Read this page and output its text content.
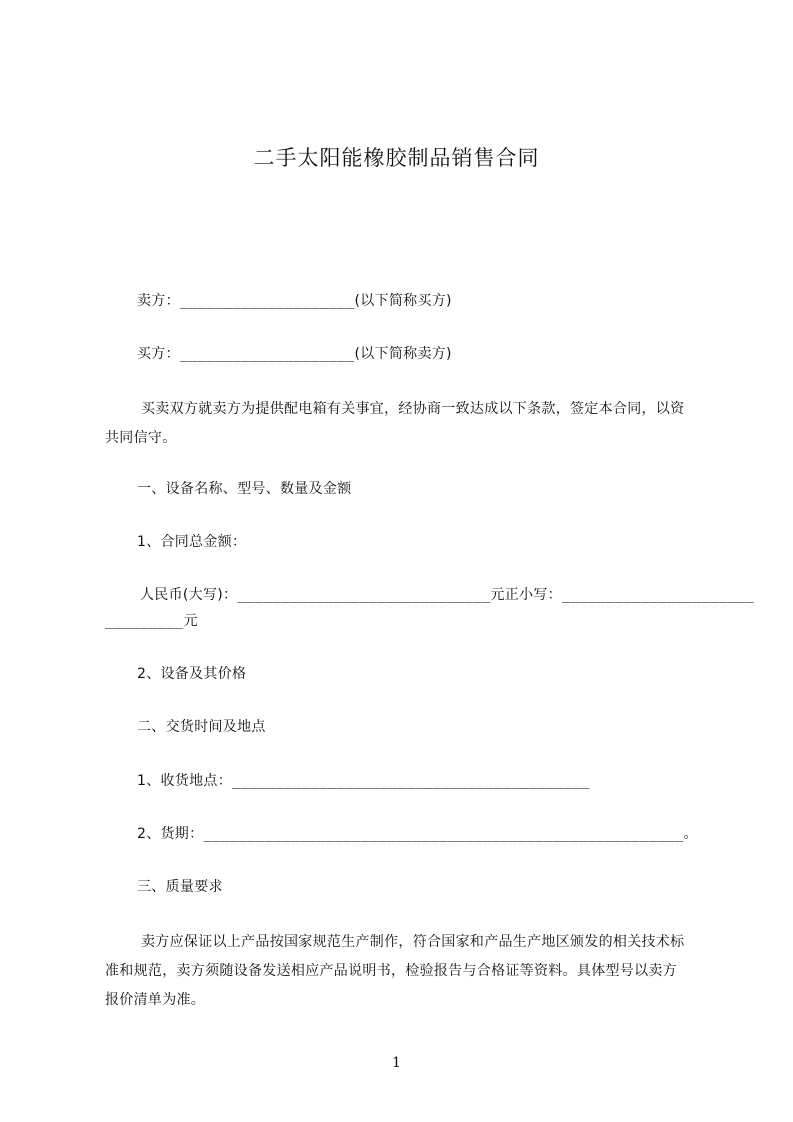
二手太阳能橡胶制品销售合同
卖方：____________________(以下简称买方)
买方：____________________(以下简称卖方)
买卖双方就卖方为提供配电箱有关事宜，经协商一致达成以下条款，签定本合同，以资共同信守。
一、设备名称、型号、数量及金额
1、合同总金额：
人民币(大写)：_____________________________元正小写：______________________
_________元
2、设备及其价格
二、交货时间及地点
1、收货地点：_________________________________________
2、货期：_______________________________________________________。
三、质量要求
卖方应保证以上产品按国家规范生产制作，符合国家和产品生产地区颁发的相关技术标准和规范，卖方须随设备发送相应产品说明书，检验报告与合格证等资料。具体型号以卖方报价清单为准。
1
